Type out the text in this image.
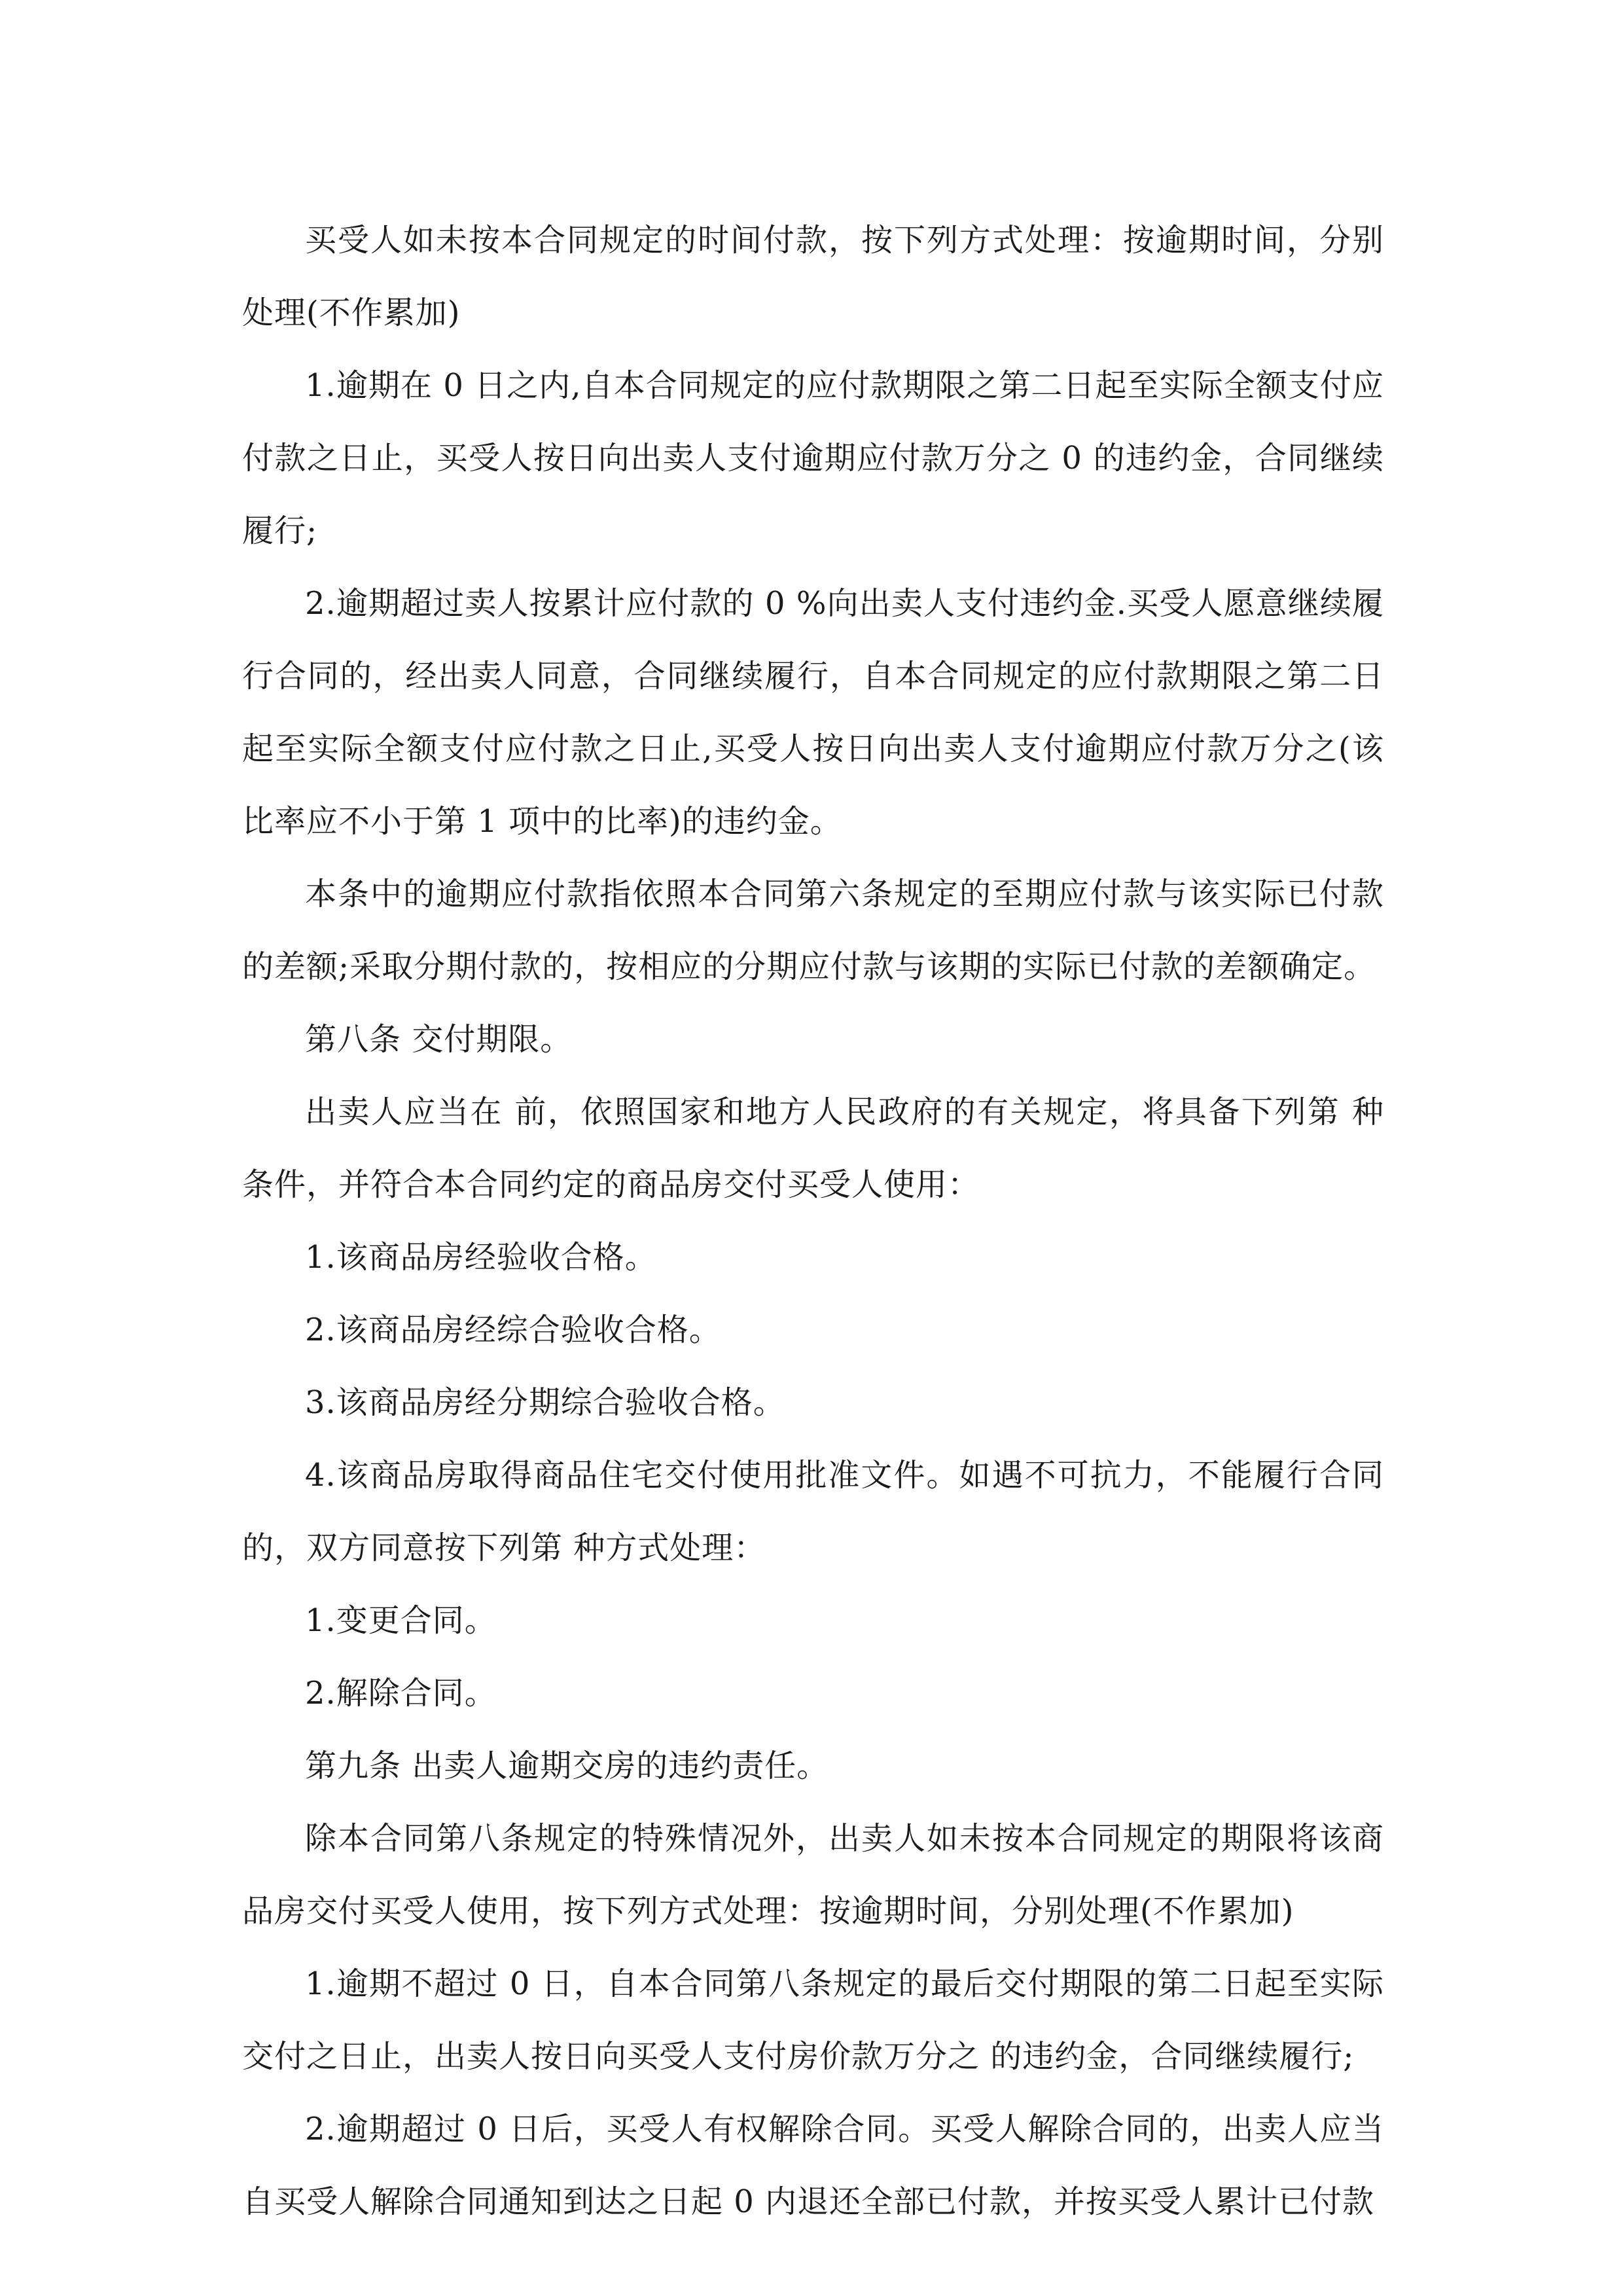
买受人如未按本合同规定的时间付款，按下列方式处理：按逾期时间，分别处理(不作累加)

1.逾期在 0 日之内,自本合同规定的应付款期限之第二日起至实际全额支付应付款之日止，买受人按日向出卖人支付逾期应付款万分之 0 的违约金，合同继续履行;

2.逾期超过卖人按累计应付款的 0 %向出卖人支付违约金.买受人愿意继续履行合同的，经出卖人同意，合同继续履行，自本合同规定的应付款期限之第二日起至实际全额支付应付款之日止,买受人按日向出卖人支付逾期应付款万分之(该比率应不小于第 1 项中的比率)的违约金。

本条中的逾期应付款指依照本合同第六条规定的至期应付款与该实际已付款的差额;采取分期付款的，按相应的分期应付款与该期的实际已付款的差额确定。

第八条 交付期限。

出卖人应当在 前，依照国家和地方人民政府的有关规定，将具备下列第 种条件，并符合本合同约定的商品房交付买受人使用：

1.该商品房经验收合格。

2.该商品房经综合验收合格。

3.该商品房经分期综合验收合格。

4.该商品房取得商品住宅交付使用批准文件。如遇不可抗力，不能履行合同的，双方同意按下列第 种方式处理：

1.变更合同。

2.解除合同。

第九条 出卖人逾期交房的违约责任。

除本合同第八条规定的特殊情况外，出卖人如未按本合同规定的期限将该商品房交付买受人使用，按下列方式处理：按逾期时间，分别处理(不作累加)

1.逾期不超过 0 日，自本合同第八条规定的最后交付期限的第二日起至实际交付之日止，出卖人按日向买受人支付房价款万分之 的违约金，合同继续履行;

2.逾期超过 0 日后，买受人有权解除合同。买受人解除合同的，出卖人应当自买受人解除合同通知到达之日起 0 内退还全部已付款，并按买受人累计已付款
